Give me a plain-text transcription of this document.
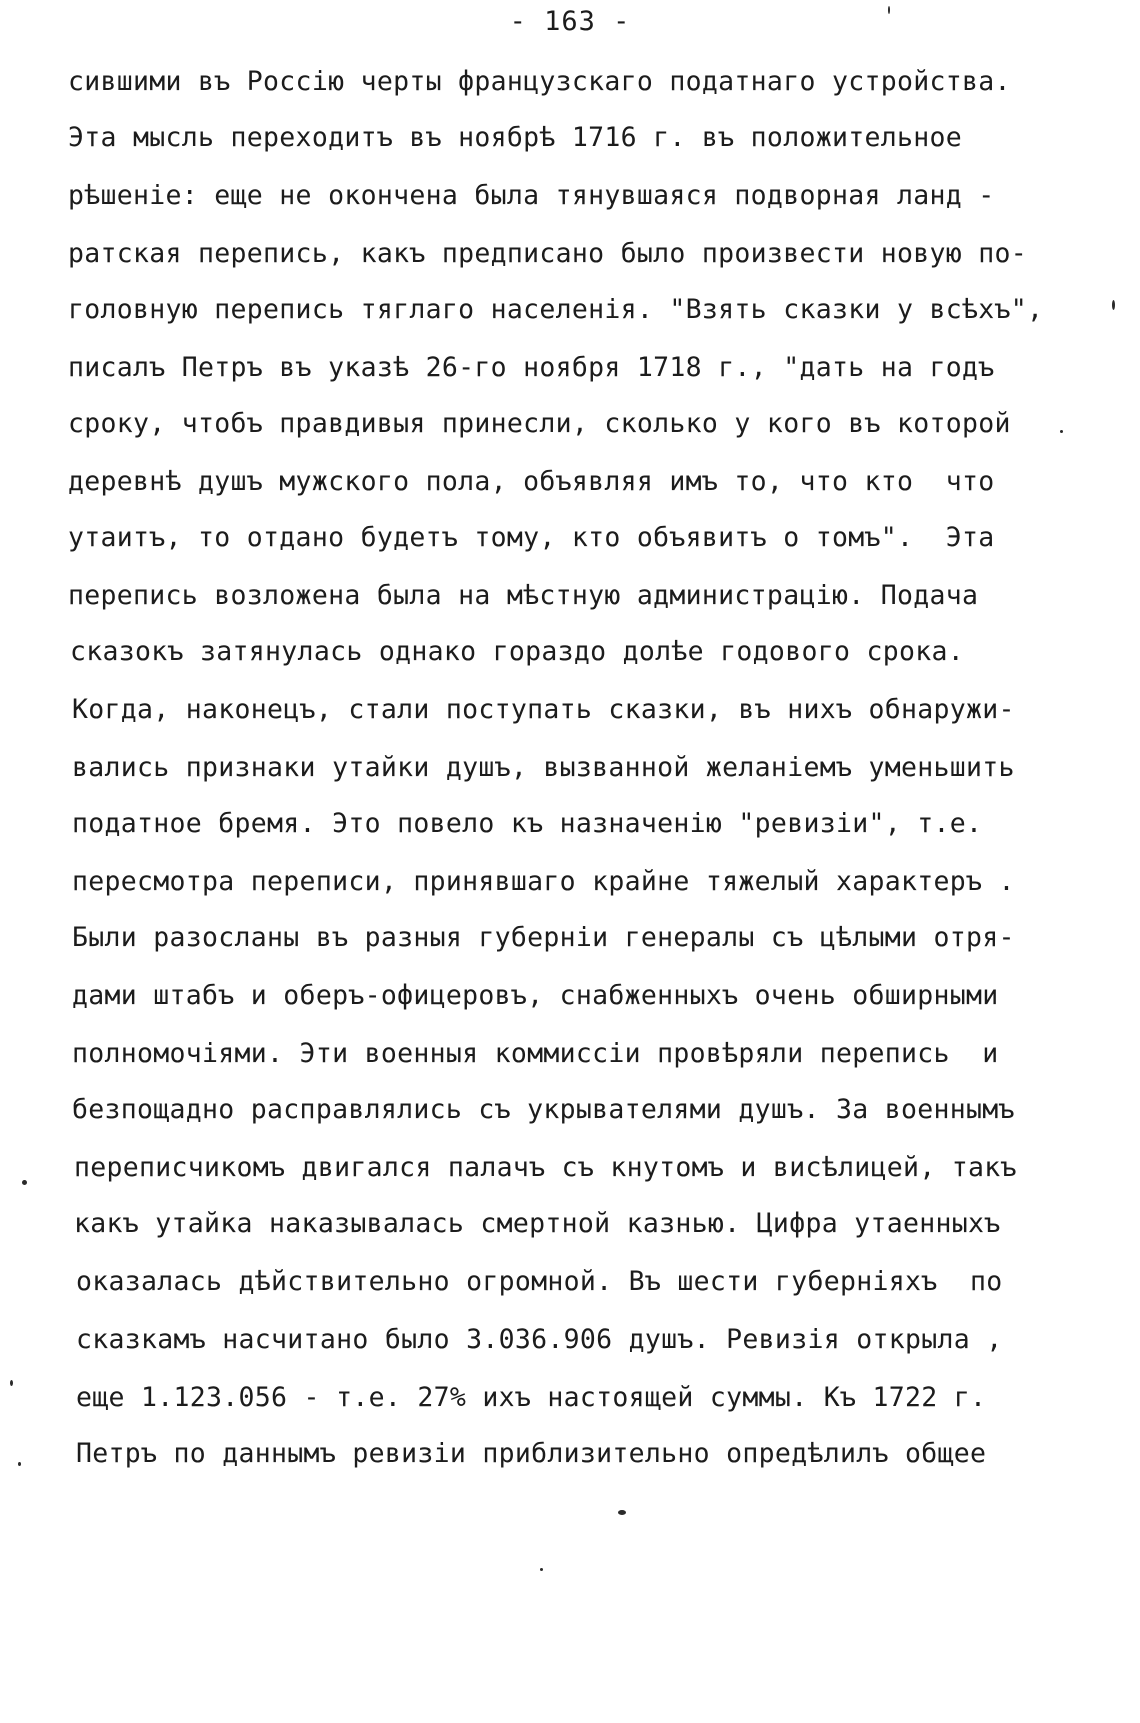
- 163 -
сившими въ Россію черты французскаго податнаго устройства.
Эта мысль переходитъ въ ноябрѣ 1716 г. въ положительное
рѣшеніе: еще не окончена была тянувшаяся подворная ланд -
ратская перепись, какъ предписано было произвести новую по-
головную перепись тяглаго населенія. "Взять сказки у всѣхъ",
писалъ Петръ въ указѣ 26-го ноября 1718 г., "дать на годъ
сроку, чтобъ правдивыя принесли, сколько у кого въ которой
деревнѣ душъ мужского пола, объявляя имъ то, что кто  что
утаитъ, то отдано будетъ тому, кто объявитъ о томъ".  Эта
перепись возложена была на мѣстную администрацію. Подача
сказокъ затянулась однако гораздо долѣе годового срока.
Когда, наконецъ, стали поступать сказки, въ нихъ обнаружи-
вались признаки утайки душъ, вызванной желаніемъ уменьшить
податное бремя. Это повело къ назначенію "ревизіи", т.е.
пересмотра переписи, принявшаго крайне тяжелый характеръ .
Были разосланы въ разныя губерніи генералы съ цѣлыми отря-
дами штабъ и оберъ-офицеровъ, снабженныхъ очень обширными
полномочіями. Эти военныя коммиссіи провѣряли перепись  и
безпощадно расправлялись съ укрывателями душъ. За военнымъ
переписчикомъ двигался палачъ съ кнутомъ и висѣлицей, такъ
какъ утайка наказывалась смертной казнью. Цифра утаенныхъ
оказалась дѣйствительно огромной. Въ шести губерніяхъ  по
сказкамъ насчитано было 3.036.906 душъ. Ревизія открыла ,
еще 1.123.056 - т.е. 27% ихъ настоящей суммы. Къ 1722 г.
Петръ по даннымъ ревизіи приблизительно опредѣлилъ общее
